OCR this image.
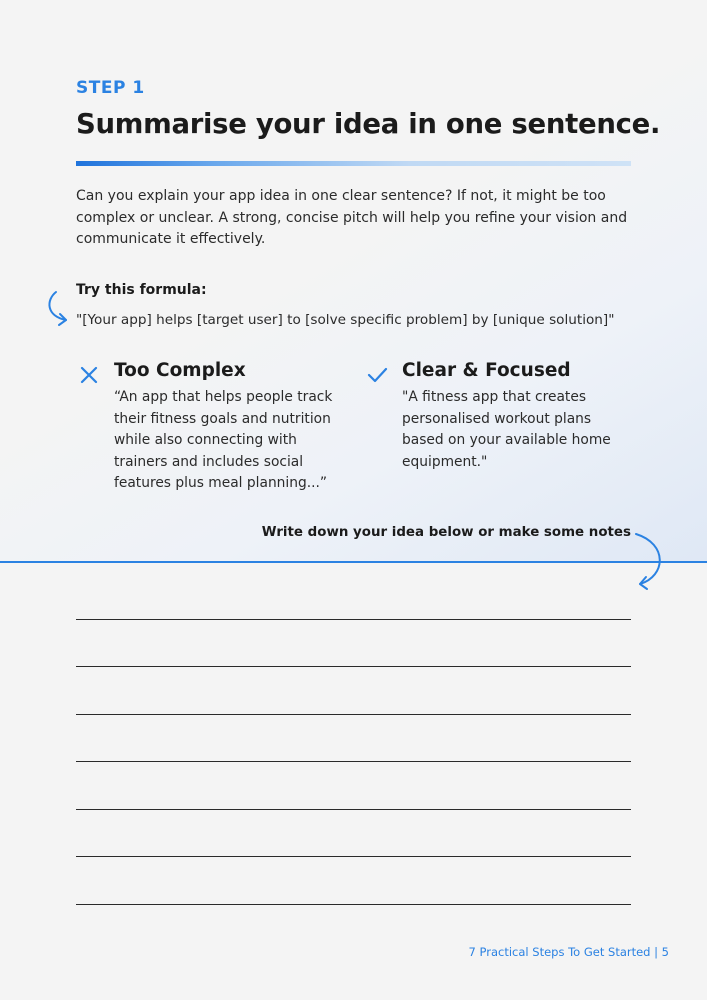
STEP 1
Summarise your idea in one sentence.
Can you explain your app idea in one clear sentence? If not, it might be too complex or unclear. A strong, concise pitch will help you refine your vision and communicate it effectively.
Try this formula:
"[Your app] helps [target user] to [solve specific problem] by [unique solution]"
Too Complex
“An app that helps people track their fitness goals and nutrition while also connecting with trainers and includes social features plus meal planning...”
Clear & Focused
"A fitness app that creates personalised workout plans based on your available home equipment."
Write down your idea below or make some notes
7 Practical Steps To Get Started | 5
